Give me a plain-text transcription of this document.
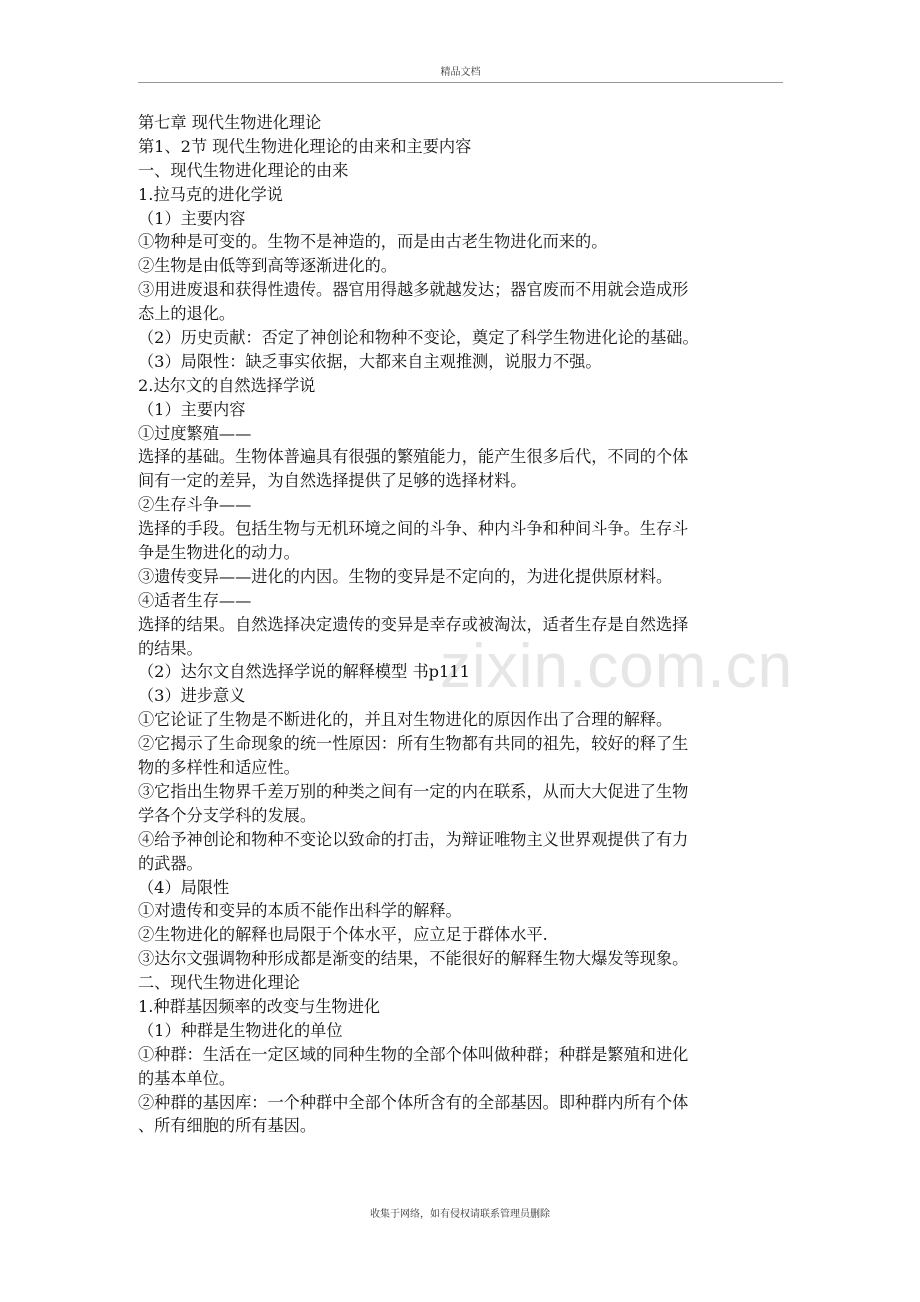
精品文档
zixin.com.cn
第七章 现代生物进化理论
第1、2节 现代生物进化理论的由来和主要内容
一、现代生物进化理论的由来
1.拉马克的进化学说
（1）主要内容
①物种是可变的。生物不是神造的，而是由古老生物进化而来的。
②生物是由低等到高等逐渐进化的。
③用进废退和获得性遗传。器官用得越多就越发达；器官废而不用就会造成形
态上的退化。
（2）历史贡献：否定了神创论和物种不变论，奠定了科学生物进化论的基础。
（3）局限性：缺乏事实依据，大都来自主观推测，说服力不强。
2.达尔文的自然选择学说
（1）主要内容
①过度繁殖——
选择的基础。生物体普遍具有很强的繁殖能力，能产生很多后代，不同的个体
间有一定的差异，为自然选择提供了足够的选择材料。
②生存斗争——
选择的手段。包括生物与无机环境之间的斗争、种内斗争和种间斗争。生存斗
争是生物进化的动力。
③遗传变异——进化的内因。生物的变异是不定向的，为进化提供原材料。
④适者生存——
选择的结果。自然选择决定遗传的变异是幸存或被淘汰，适者生存是自然选择
的结果。
（2）达尔文自然选择学说的解释模型 书p111
（3）进步意义
①它论证了生物是不断进化的，并且对生物进化的原因作出了合理的解释。
②它揭示了生命现象的统一性原因：所有生物都有共同的祖先，较好的释了生
物的多样性和适应性。
③它指出生物界千差万别的种类之间有一定的内在联系，从而大大促进了生物
学各个分支学科的发展。
④给予神创论和物种不变论以致命的打击，为辩证唯物主义世界观提供了有力
的武器。
（4）局限性
①对遗传和变异的本质不能作出科学的解释。
②生物进化的解释也局限于个体水平，应立足于群体水平.
③达尔文强调物种形成都是渐变的结果，不能很好的解释生物大爆发等现象。
二、现代生物进化理论
1.种群基因频率的改变与生物进化
（1）种群是生物进化的单位
①种群：生活在一定区域的同种生物的全部个体叫做种群；种群是繁殖和进化
的基本单位。
②种群的基因库：一个种群中全部个体所含有的全部基因。即种群内所有个体
、所有细胞的所有基因。
收集于网络，如有侵权请联系管理员删除
